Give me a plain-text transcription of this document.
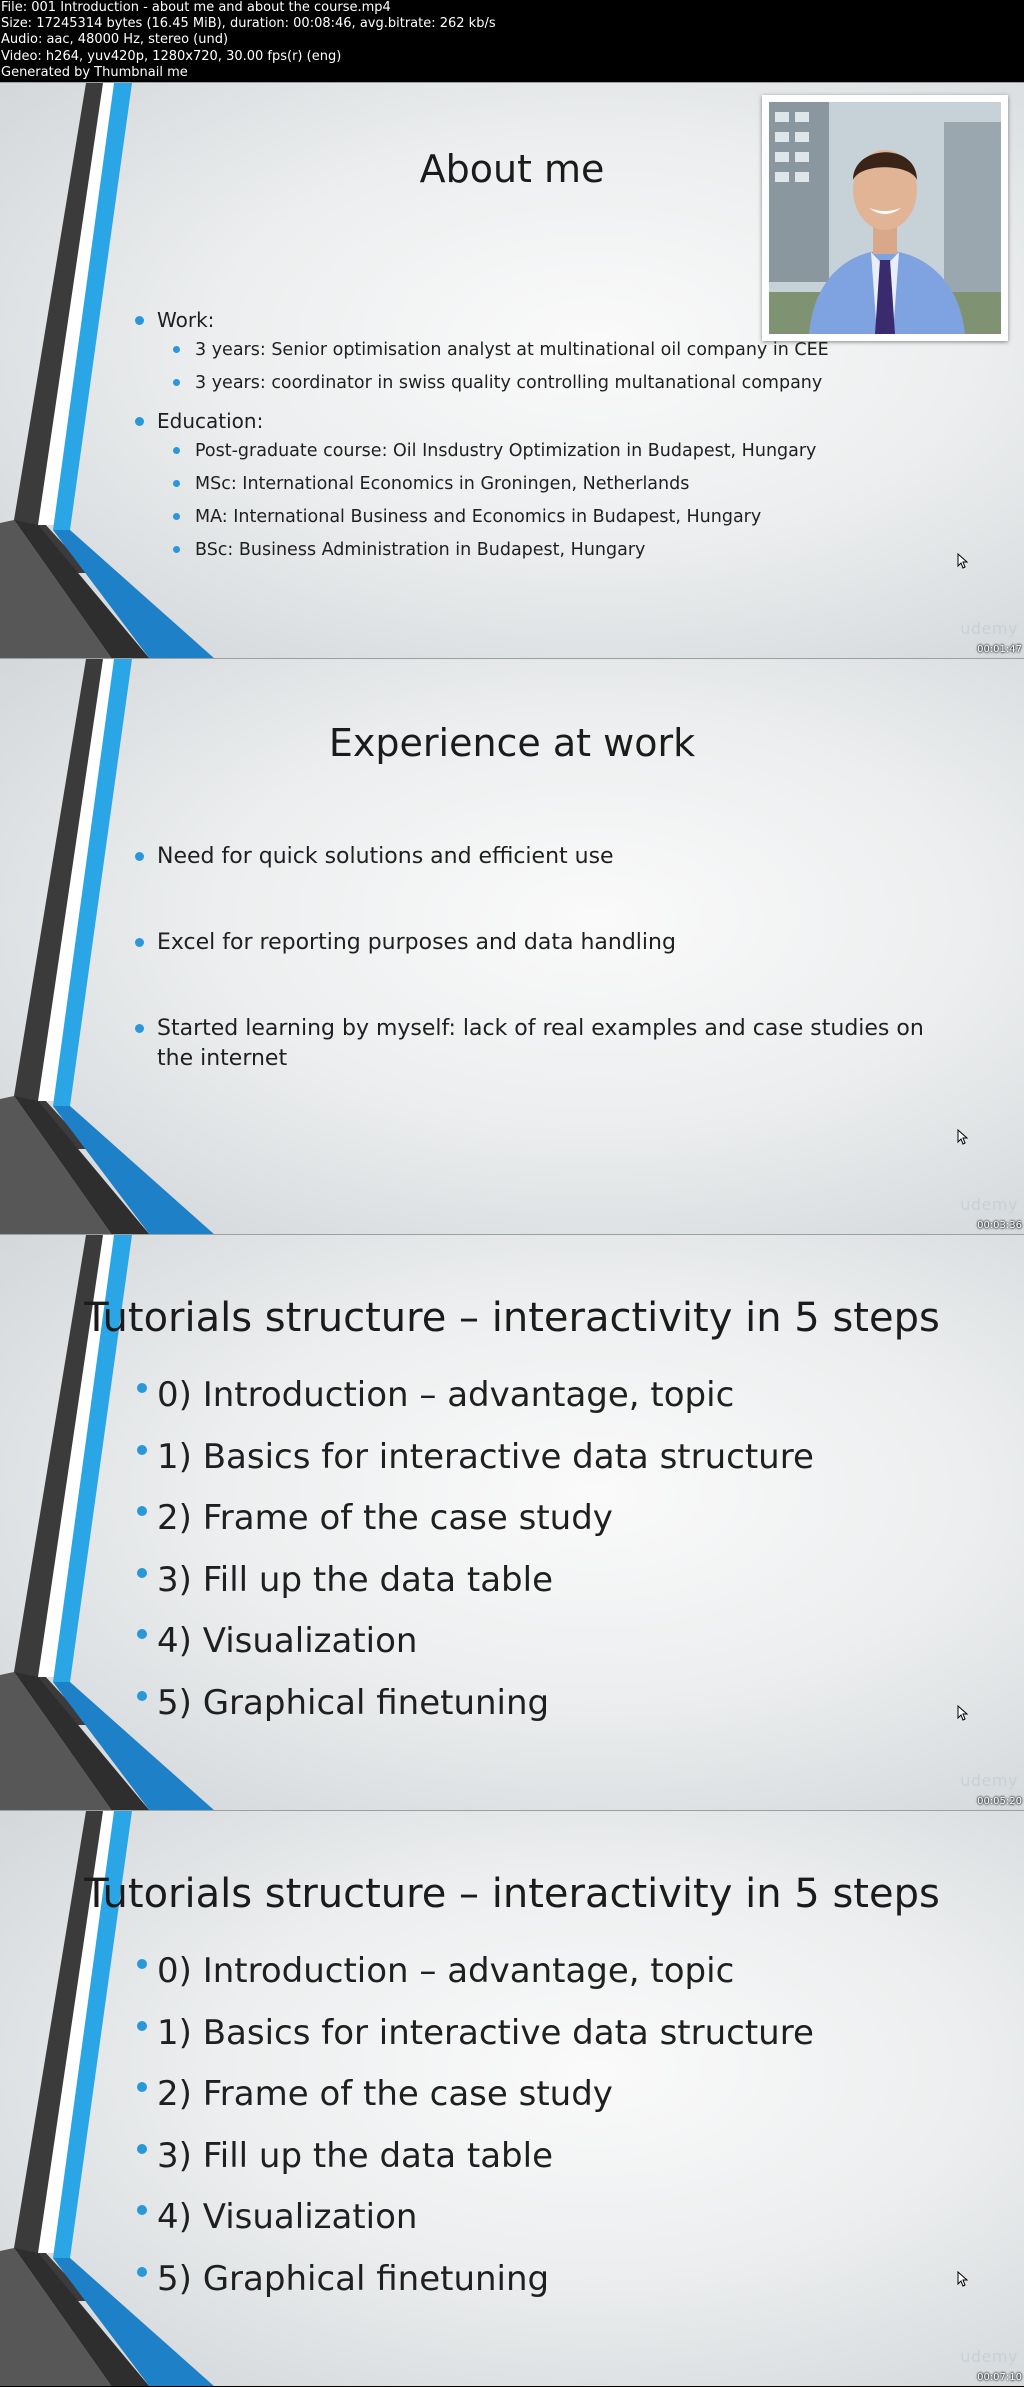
File: 001 Introduction - about me and about the course.mp4
Size: 17245314 bytes (16.45 MiB), duration: 00:08:46, avg.bitrate: 262 kb/s
Audio: aac, 48000 Hz, stereo (und)
Video: h264, yuv420p, 1280x720, 30.00 fps(r) (eng)
Generated by Thumbnail me
About me
Work:
3 years: Senior optimisation analyst at multinational oil company in CEE
3 years: coordinator in swiss quality controlling multanational company
Education:
Post-graduate course: Oil Insdustry Optimization in Budapest, Hungary
MSc: International Economics in Groningen, Netherlands
MA: International Business and Economics in Budapest, Hungary
BSc: Business Administration in Budapest, Hungary
udemy
00:01:47
Experience at work
Need for quick solutions and efficient use
Excel for reporting purposes and data handling
Started learning by myself: lack of real examples and case studies on the internet
udemy
00:03:36
Tutorials structure – interactivity in 5 steps
0) Introduction – advantage, topic
1) Basics for interactive data structure
2) Frame of the case study
3) Fill up the data table
4) Visualization
5) Graphical finetuning
udemy
00:05:20
Tutorials structure – interactivity in 5 steps
0) Introduction – advantage, topic
1) Basics for interactive data structure
2) Frame of the case study
3) Fill up the data table
4) Visualization
5) Graphical finetuning
udemy
00:07:10
